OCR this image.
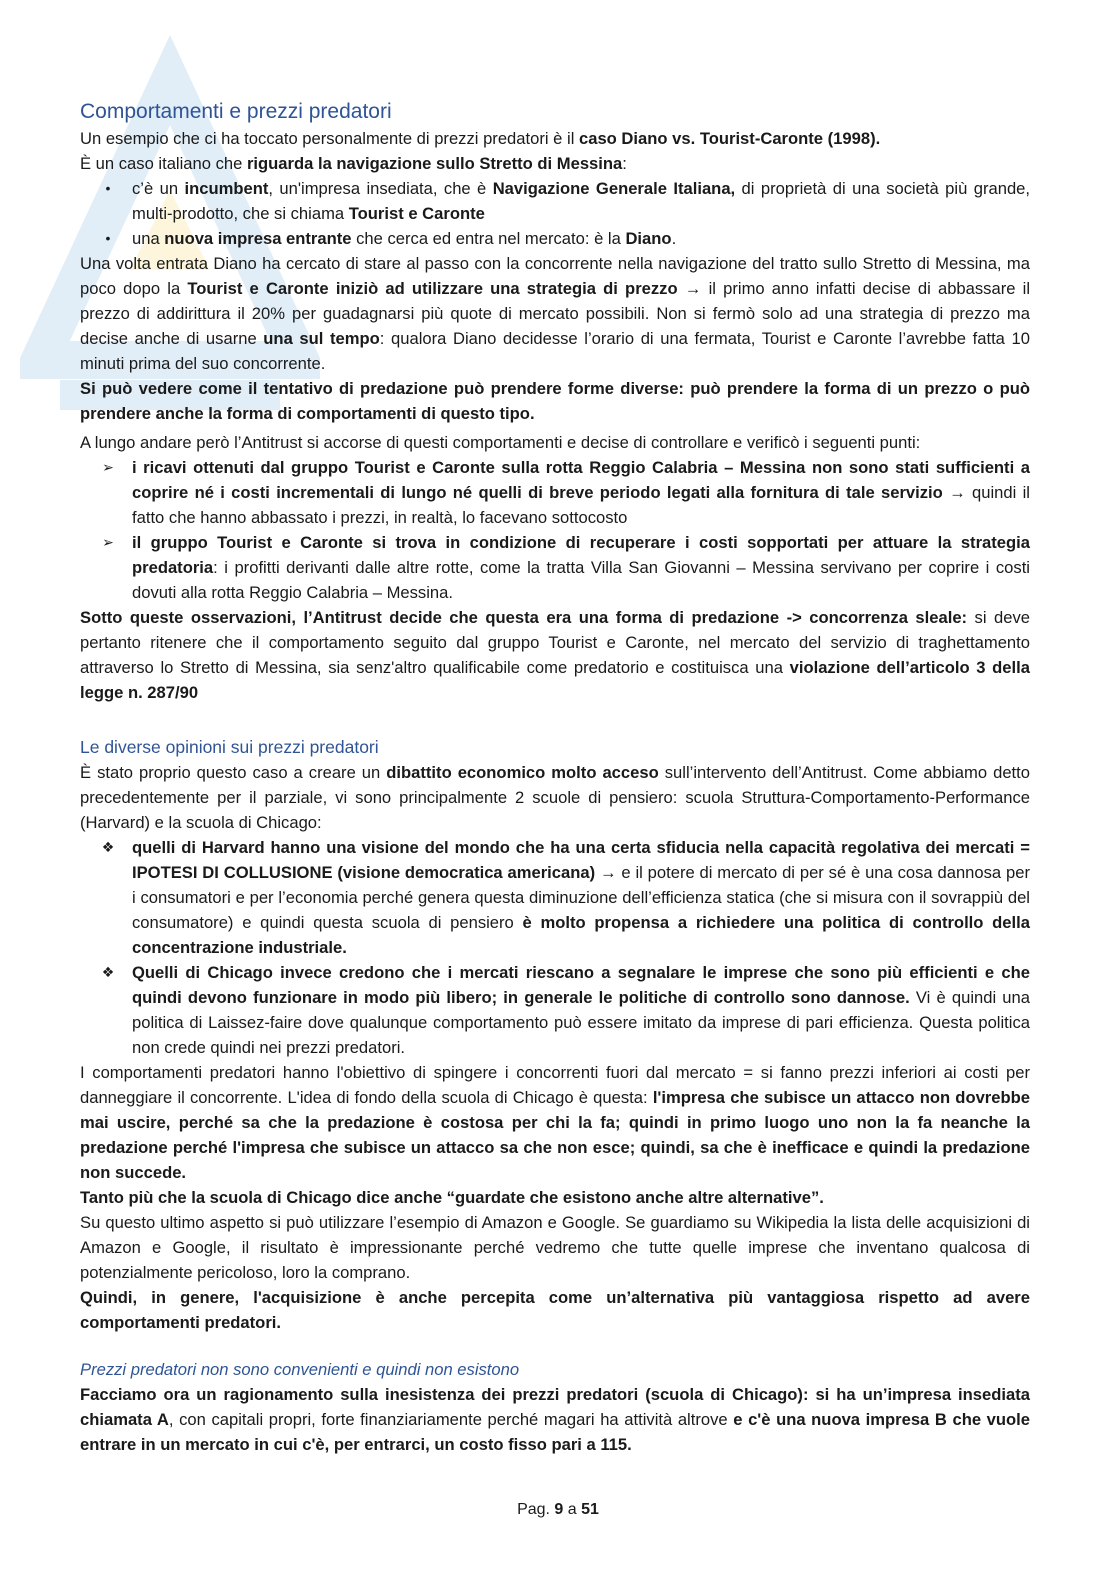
Comportamenti e prezzi predatori

Un esempio che ci ha toccato personalmente di prezzi predatori è il caso Diano vs. Tourist-Caronte (1998).

È un caso italiano che riguarda la navigazione sullo Stretto di Messina:

•	c’è un incumbent, un'impresa insediata, che è Navigazione Generale Italiana, di proprietà di una società più grande, multi-prodotto, che si chiama Tourist e Caronte
•	una nuova impresa entrante che cerca ed entra nel mercato: è la Diano.

Una volta entrata Diano ha cercato di stare al passo con la concorrente nella navigazione del tratto sullo Stretto di Messina, ma poco dopo la Tourist e Caronte iniziò ad utilizzare una strategia di prezzo → il primo anno infatti decise di abbassare il prezzo di addirittura il 20% per guadagnarsi più quote di mercato possibili. Non si fermò solo ad una strategia di prezzo ma decise anche di usarne una sul tempo: qualora Diano decidesse l’orario di una fermata, Tourist e Caronte l’avrebbe fatta 10 minuti prima del suo concorrente.

Si può vedere come il tentativo di predazione può prendere forme diverse: può prendere la forma di un prezzo o può prendere anche la forma di comportamenti di questo tipo.

A lungo andare però l’Antitrust si accorse di questi comportamenti e decise di controllare e verificò i seguenti punti:

➢	i ricavi ottenuti dal gruppo Tourist e Caronte sulla rotta Reggio Calabria – Messina non sono stati sufficienti a coprire né i costi incrementali di lungo né quelli di breve periodo legati alla fornitura di tale servizio → quindi il fatto che hanno abbassato i prezzi, in realtà, lo facevano sottocosto
➢	il gruppo Tourist e Caronte si trova in condizione di recuperare i costi sopportati per attuare la strategia predatoria: i profitti derivanti dalle altre rotte, come la tratta Villa San Giovanni – Messina servivano per coprire i costi dovuti alla rotta Reggio Calabria – Messina.

Sotto queste osservazioni, l’Antitrust decide che questa era una forma di predazione -> concorrenza sleale: si deve pertanto ritenere che il comportamento seguito dal gruppo Tourist e Caronte, nel mercato del servizio di traghettamento attraverso lo Stretto di Messina, sia senz'altro qualificabile come predatorio e costituisca una violazione dell’articolo 3 della legge n. 287/90

Le diverse opinioni sui prezzi predatori

È stato proprio questo caso a creare un dibattito economico molto acceso sull’intervento dell’Antitrust. Come abbiamo detto precedentemente per il parziale, vi sono principalmente 2 scuole di pensiero: scuola Struttura-Comportamento-Performance (Harvard) e la scuola di Chicago:

❖	quelli di Harvard hanno una visione del mondo che ha una certa sfiducia nella capacità regolativa dei mercati = IPOTESI DI COLLUSIONE (visione democratica americana) → e il potere di mercato di per sé è una cosa dannosa per i consumatori e per l’economia perché genera questa diminuzione dell’efficienza statica (che si misura con il sovrappiù del consumatore) e quindi questa scuola di pensiero è molto propensa a richiedere una politica di controllo della concentrazione industriale.
❖	Quelli di Chicago invece credono che i mercati riescano a segnalare le imprese che sono più efficienti e che quindi devono funzionare in modo più libero; in generale le politiche di controllo sono dannose. Vi è quindi una politica di Laissez-faire dove qualunque comportamento può essere imitato da imprese di pari efficienza. Questa politica non crede quindi nei prezzi predatori.

I comportamenti predatori hanno l'obiettivo di spingere i concorrenti fuori dal mercato = si fanno prezzi inferiori ai costi per danneggiare il concorrente. L'idea di fondo della scuola di Chicago è questa: l'impresa che subisce un attacco non dovrebbe mai uscire, perché sa che la predazione è costosa per chi la fa; quindi in primo luogo uno non la fa neanche la predazione perché l'impresa che subisce un attacco sa che non esce; quindi, sa che è inefficace e quindi la predazione non succede.

Tanto più che la scuola di Chicago dice anche “guardate che esistono anche altre alternative”.

Su questo ultimo aspetto si può utilizzare l’esempio di Amazon e Google. Se guardiamo su Wikipedia la lista delle acquisizioni di Amazon e Google, il risultato è impressionante perché vedremo che tutte quelle imprese che inventano qualcosa di potenzialmente pericoloso, loro la comprano.

Quindi, in genere, l'acquisizione è anche percepita come un’alternativa più vantaggiosa rispetto ad avere comportamenti predatori.

Prezzi predatori non sono convenienti e quindi non esistono

Facciamo ora un ragionamento sulla inesistenza dei prezzi predatori (scuola di Chicago): si ha un’impresa insediata chiamata A, con capitali propri, forte finanziariamente perché magari ha attività altrove e c'è una nuova impresa B che vuole entrare in un mercato in cui c'è, per entrarci, un costo fisso pari a 115.

Pag. 9 a 51
